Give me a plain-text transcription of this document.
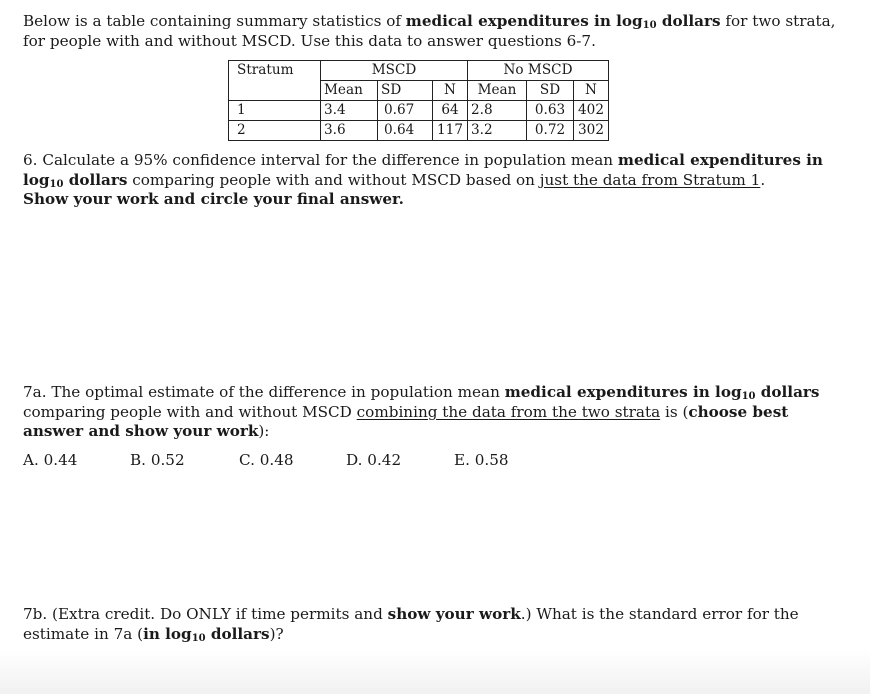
Below is a table containing summary statistics of medical expenditures in $\log_{10}$ dollars for two strata, for people with and without MSCD. Use this data to answer questions 6-7.

Stratum	MSCD			No MSCD		
	Mean	SD	N	Mean	SD	N
1	3.4	0.67	64	2.8	0.63	402
2	3.6	0.64	117	3.2	0.72	302

6. Calculate a 95% confidence interval for the difference in population mean medical expenditures in $\log_{10}$ dollars comparing people with and without MSCD based on just the data from Stratum 1.
Show your work and circle your final answer.

7a. The optimal estimate of the difference in population mean medical expenditures in $\log_{10}$ dollars comparing people with and without MSCD combining the data from the two strata is (choose best answer and show your work):

A. 0.44	B. 0.52	C. 0.48	D. 0.42	E. 0.58

7b. (Extra credit. Do ONLY if time permits and show your work.) What is the standard error for the estimate in 7a (in $\log_{10}$ dollars)?
